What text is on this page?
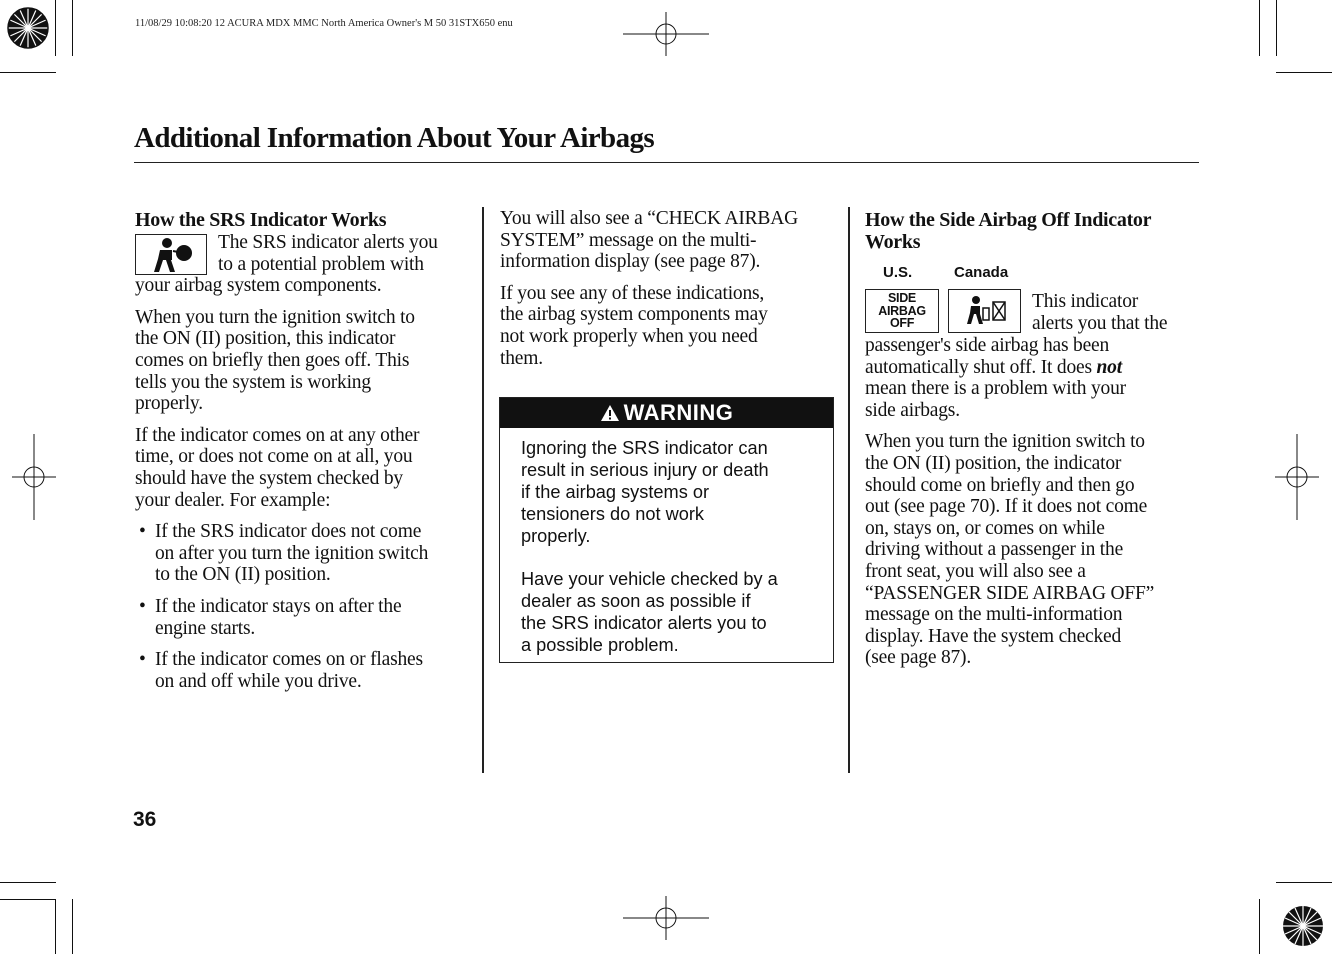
11/08/29 10:08:20 12 ACURA MDX MMC North America Owner's M 50 31STX650 enu
Additional Information About Your Airbags
How the SRS Indicator Works
The SRS indicator alerts you
to a potential problem with
your airbag system components.
When you turn the ignition switch to
the ON (II) position, this indicator
comes on briefly then goes off. This
tells you the system is working
properly.
If the indicator comes on at any other
time, or does not come on at all, you
should have the system checked by
your dealer. For example:
• If the SRS indicator does not come
on after you turn the ignition switch
to the ON (II) position.
• If the indicator stays on after the
engine starts.
• If the indicator comes on or flashes
on and off while you drive.
You will also see a “CHECK AIRBAG
SYSTEM” message on the multi-
information display (see page 87).
If you see any of these indications,
the airbag system components may
not work properly when you need
them.
WARNING

Ignoring the SRS indicator can
result in serious injury or death
if the airbag systems or
tensioners do not work
properly.

Have your vehicle checked by a
dealer as soon as possible if
the SRS indicator alerts you to
a possible problem.

How the Side Airbag Off Indicator
Works
U.S.	Canada
SIDE
AIRBAG
OFF
This indicator
alerts you that the
passenger's side airbag has been
automatically shut off. It does not
mean there is a problem with your
side airbags.
When you turn the ignition switch to
the ON (II) position, the indicator
should come on briefly and then go
out (see page 70). If it does not come
on, stays on, or comes on while
driving without a passenger in the
front seat, you will also see a
“PASSENGER SIDE AIRBAG OFF”
message on the multi-information
display. Have the system checked
(see page 87).
36
